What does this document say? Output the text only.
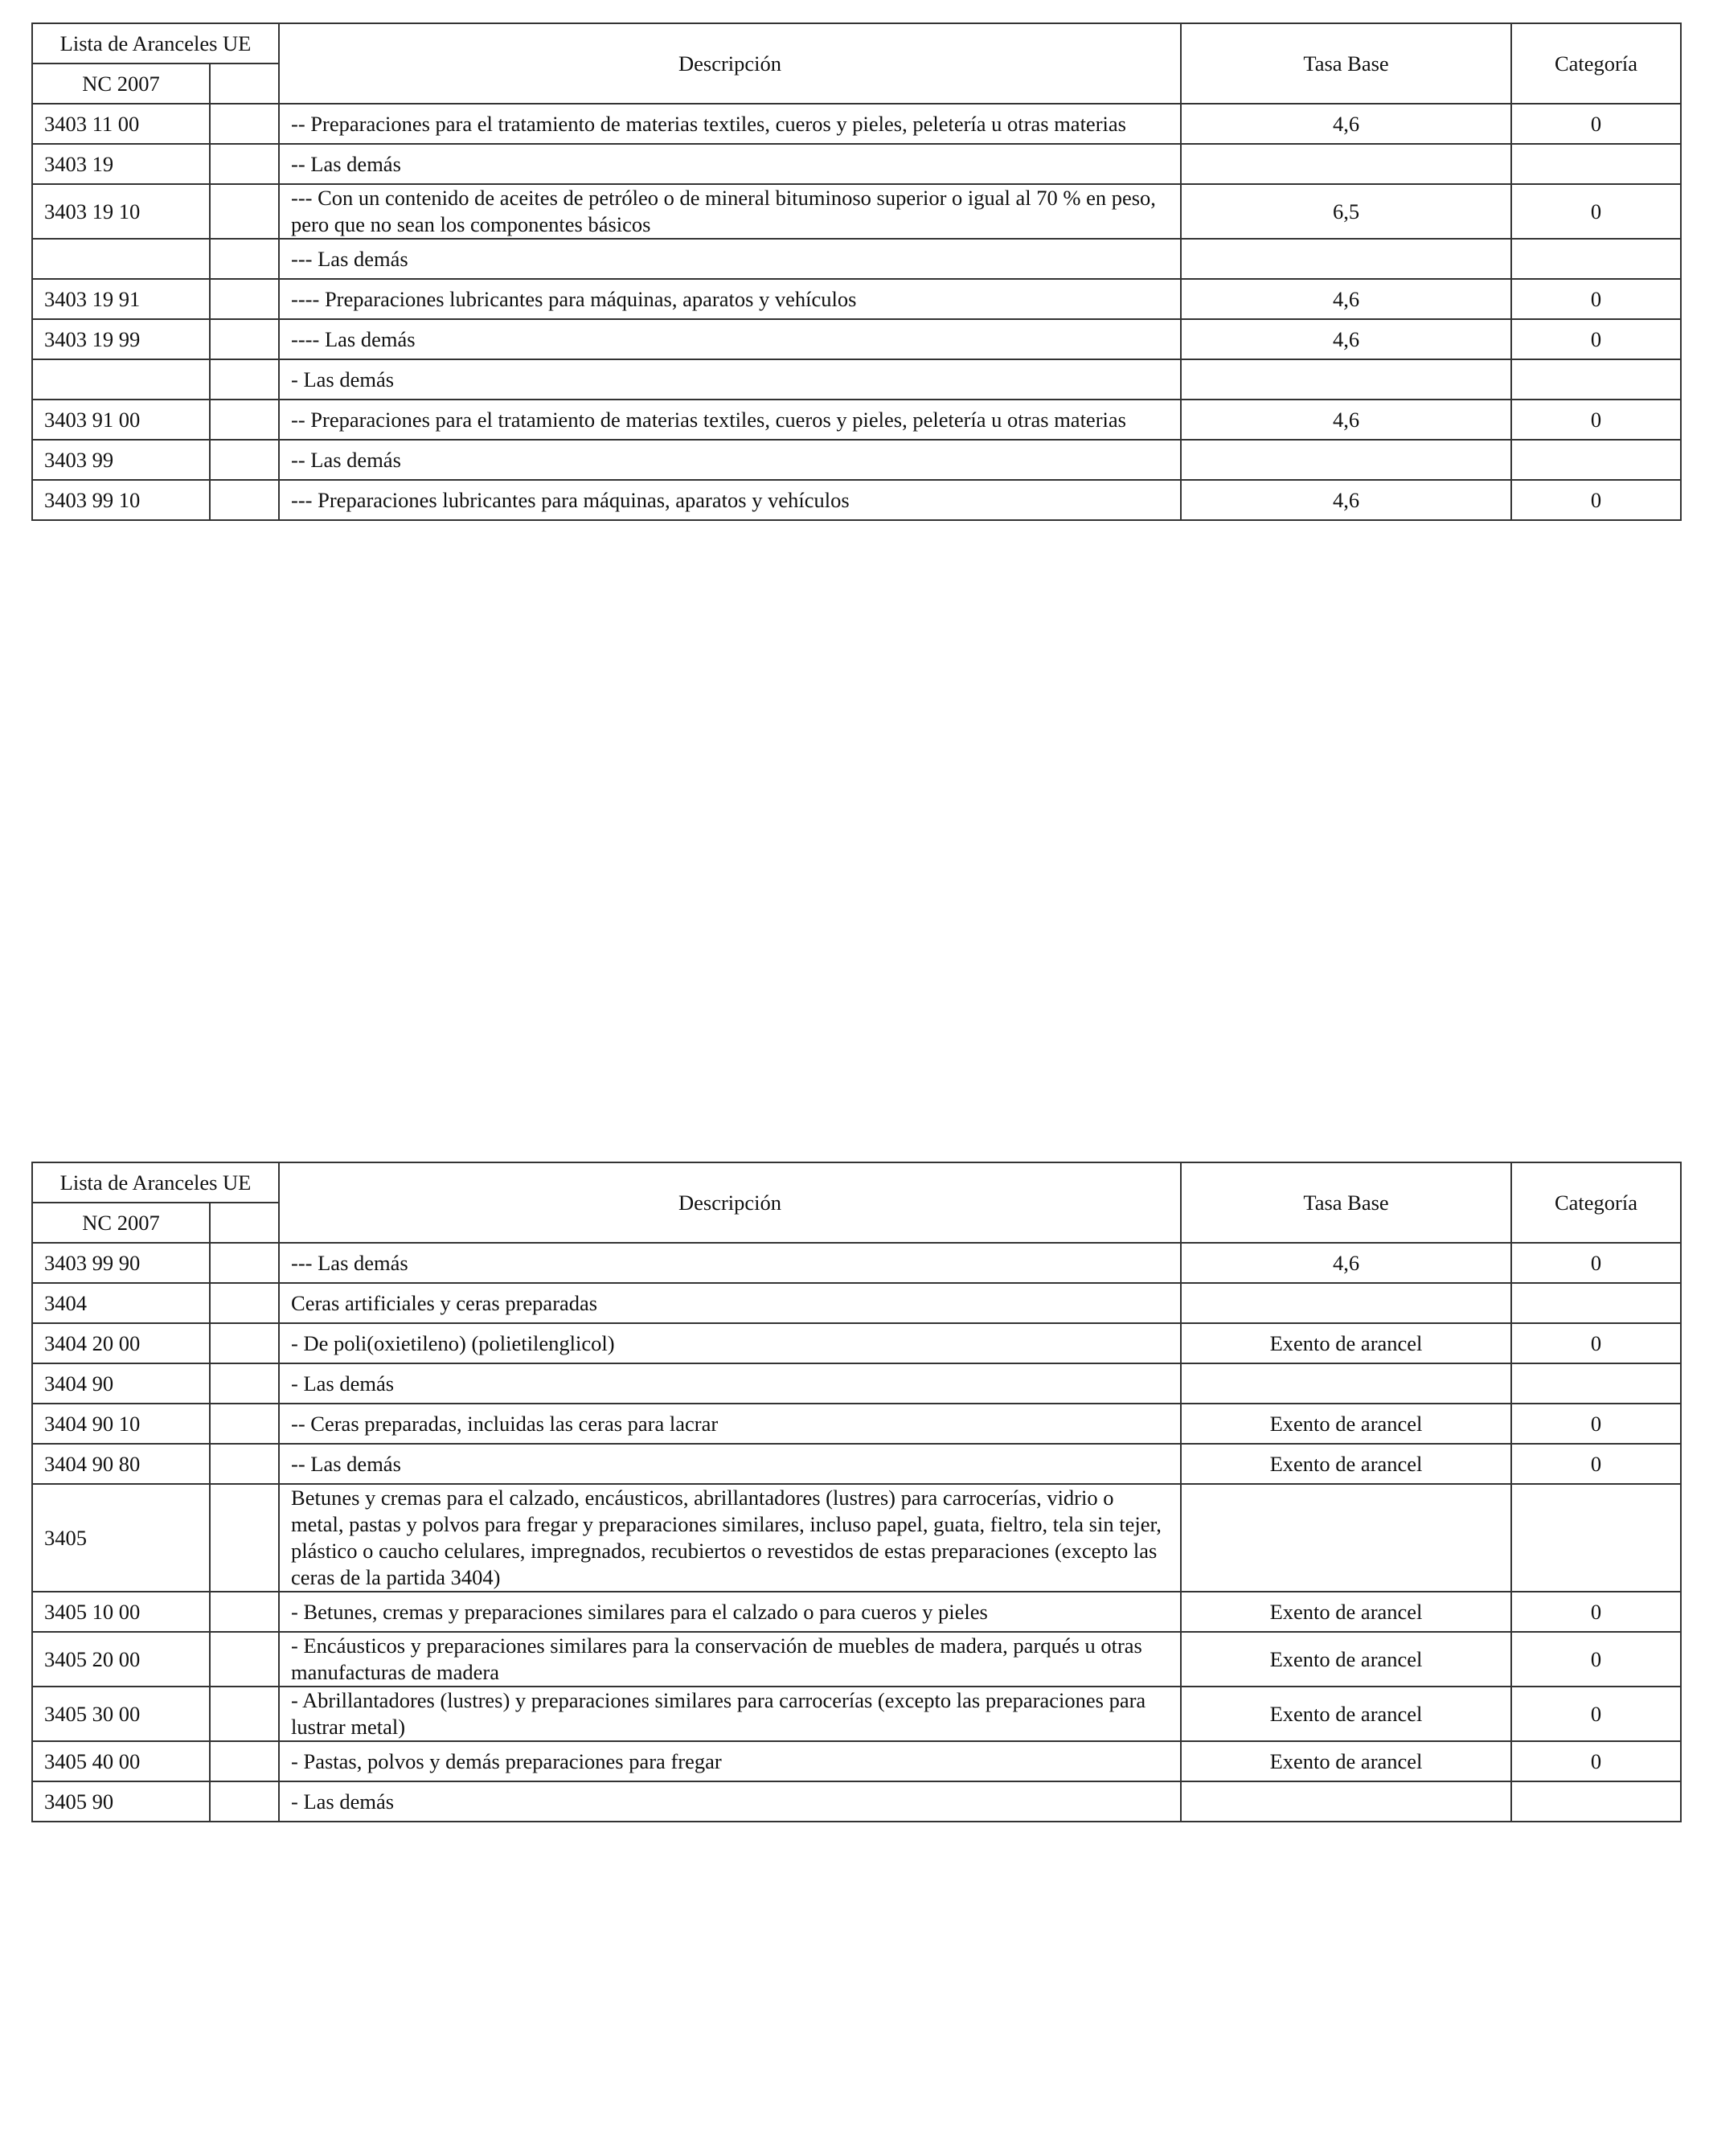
Lista de Aranceles UE		Descripción	Tasa Base	Categoría
NC 2007				
3403 11 00		-- Preparaciones para el tratamiento de materias textiles, cueros y pieles, peletería u otras materias	4,6	0
3403 19		-- Las demás		
3403 19 10		--- Con un contenido de aceites de petróleo o de mineral bituminoso superior o igual al 70 % en peso, pero que no sean los componentes básicos	6,5	0
		--- Las demás		
3403 19 91		---- Preparaciones lubricantes para máquinas, aparatos y vehículos	4,6	0
3403 19 99		---- Las demás	4,6	0
		- Las demás		
3403 91 00		-- Preparaciones para el tratamiento de materias textiles, cueros y pieles, peletería u otras materias	4,6	0
3403 99		-- Las demás		
3403 99 10		--- Preparaciones lubricantes para máquinas, aparatos y vehículos	4,6	0
Lista de Aranceles UE		Descripción	Tasa Base	Categoría
NC 2007				
3403 99 90		--- Las demás	4,6	0
3404		Ceras artificiales y ceras preparadas		
3404 20 00		- De poli(oxietileno) (polietilenglicol)	Exento de arancel	0
3404 90		- Las demás		
3404 90 10		-- Ceras preparadas, incluidas las ceras para lacrar	Exento de arancel	0
3404 90 80		-- Las demás	Exento de arancel	0
3405		Betunes y cremas para el calzado, encáusticos, abrillantadores (lustres) para carrocerías, vidrio o metal, pastas y polvos para fregar y preparaciones similares, incluso papel, guata, fieltro, tela sin tejer, plástico o caucho celulares, impregnados, recubiertos o revestidos de estas preparaciones (excepto las ceras de la partida 3404)		
3405 10 00		- Betunes, cremas y preparaciones similares para el calzado o para cueros y pieles	Exento de arancel	0
3405 20 00		- Encáusticos y preparaciones similares para la conservación de muebles de madera, parqués u otras manufacturas de madera	Exento de arancel	0
3405 30 00		- Abrillantadores (lustres) y preparaciones similares para carrocerías (excepto las preparaciones para lustrar metal)	Exento de arancel	0
3405 40 00		- Pastas, polvos y demás preparaciones para fregar	Exento de arancel	0
3405 90		- Las demás		
